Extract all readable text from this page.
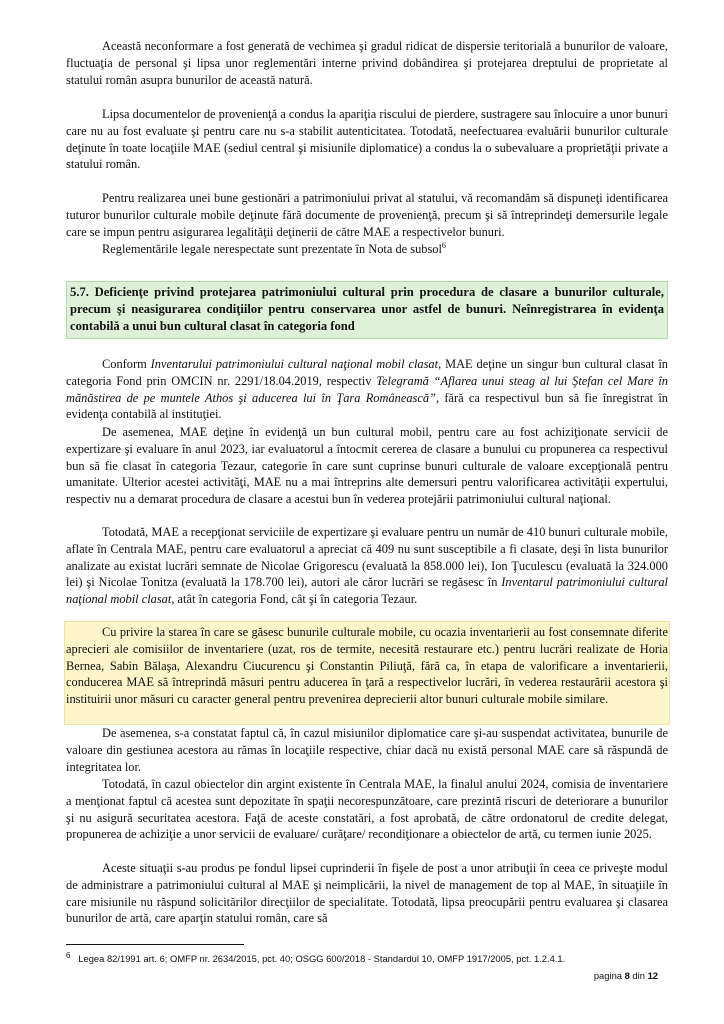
Această neconformare a fost generată de vechimea şi gradul ridicat de dispersie teritorială a bunurilor de valoare, fluctuaţia de personal şi lipsa unor reglementări interne privind dobândirea şi protejarea dreptului de proprietate al statului român asupra bunurilor de această natură.

Lipsa documentelor de provenienţă a condus la apariţia riscului de pierdere, sustragere sau înlocuire a unor bunuri care nu au fost evaluate şi pentru care nu s-a stabilit autenticitatea. Totodată, neefectuarea evaluării bunurilor culturale deţinute în toate locaţiile MAE (sediul central şi misiunile diplomatice) a condus la o subevaluare a proprietăţii private a statului român.

Pentru realizarea unei bune gestionări a patrimoniului privat al statului, vă recomandăm să dispuneţi identificarea tuturor bunurilor culturale mobile deţinute fără documente de provenienţă, precum şi să întreprindeţi demersurile legale care se impun pentru asigurarea legalităţii deţinerii de către MAE a respectivelor bunuri.

Reglementările legale nerespectate sunt prezentate în Nota de subsol$^6$

5.7. Deficienţe privind protejarea patrimoniului cultural prin procedura de clasare a bunurilor culturale, precum şi neasigurarea condiţiilor pentru conservarea unor astfel de bunuri. Neînregistrarea în evidenţa contabilă a unui bun cultural clasat în categoria fond

Conform Inventarului patrimoniului cultural naţional mobil clasat, MAE deţine un singur bun cultural clasat în categoria Fond prin OMCIN nr. 2291/18.04.2019, respectiv Telegramă “Aflarea unui steag al lui Ştefan cel Mare în mănăstirea de pe muntele Athos şi aducerea lui în Ţara Românească”, fără ca respectivul bun să fie înregistrat în evidenţa contabilă al instituţiei.

De asemenea, MAE deţine în evidenţă un bun cultural mobil, pentru care au fost achiziţionate servicii de expertizare şi evaluare în anul 2023, iar evaluatorul a întocmit cererea de clasare a bunului cu propunerea ca respectivul bun să fie clasat în categoria Tezaur, categorie în care sunt cuprinse bunuri culturale de valoare excepţională pentru umanitate. Ulterior acestei activităţi, MAE nu a mai întreprins alte demersuri pentru valorificarea activităţii expertului, respectiv nu a demarat procedura de clasare a acestui bun în vederea protejării patrimoniului cultural naţional.

Totodată, MAE a recepţionat serviciile de expertizare şi evaluare pentru un număr de 410 bunuri culturale mobile, aflate în Centrala MAE, pentru care evaluatorul a apreciat că 409 nu sunt susceptibile a fi clasate, deşi în lista bunurilor analizate au existat lucrări semnate de Nicolae Grigorescu (evaluată la 858.000 lei), Ion Ţuculescu (evaluată la 324.000 lei) şi Nicolae Tonitza (evaluată la 178.700 lei), autori ale căror lucrări se regăsesc în Inventarul patrimoniului cultural naţional mobil clasat, atât în categoria Fond, cât şi în categoria Tezaur.

Cu privire la starea în care se găsesc bunurile culturale mobile, cu ocazia inventarierii au fost consemnate diferite aprecieri ale comisiilor de inventariere (uzat, ros de termite, necesită restaurare etc.) pentru lucrări realizate de Horia Bernea, Sabin Bălaşa, Alexandru Ciucurencu şi Constantin Piliuţă, fără ca, în etapa de valorificare a inventarierii, conducerea MAE să întreprindă măsuri pentru aducerea în ţară a respectivelor lucrări, în vederea restaurării acestora şi instituirii unor măsuri cu caracter general pentru prevenirea deprecierii altor bunuri culturale mobile similare.

De asemenea, s-a constatat faptul că, în cazul misiunilor diplomatice care şi-au suspendat activitatea, bunurile de valoare din gestiunea acestora au rămas în locaţiile respective, chiar dacă nu există personal MAE care să răspundă de integritatea lor.

Totodată, în cazul obiectelor din argint existente în Centrala MAE, la finalul anului 2024, comisia de inventariere a menţionat faptul că acestea sunt depozitate în spaţii necorespunzătoare, care prezintă riscuri de deteriorare a bunurilor şi nu asigură securitatea acestora. Faţă de aceste constatări, a fost aprobată, de către ordonatorul de credite delegat, propunerea de achiziţie a unor servicii de evaluare/ curăţare/ recondiţionare a obiectelor de artă, cu termen iunie 2025.

Aceste situaţii s-au produs pe fondul lipsei cuprinderii în fişele de post a unor atribuţii în ceea ce priveşte modul de administrare a patrimoniului cultural al MAE şi neimplicării, la nivel de management de top al MAE, în situaţiile în care misiunile nu răspund solicitărilor direcţiilor de specialitate. Totodată, lipsa preocupării pentru evaluarea şi clasarea bunurilor de artă, care aparţin statului român, care să

$^6$ Legea 82/1991 art. 6; OMFP nr. 2634/2015, pct. 40; OSGG 600/2018 - Standardul 10, OMFP 1917/2005, pct. 1.2.4.1.
pagina 8 din 12
